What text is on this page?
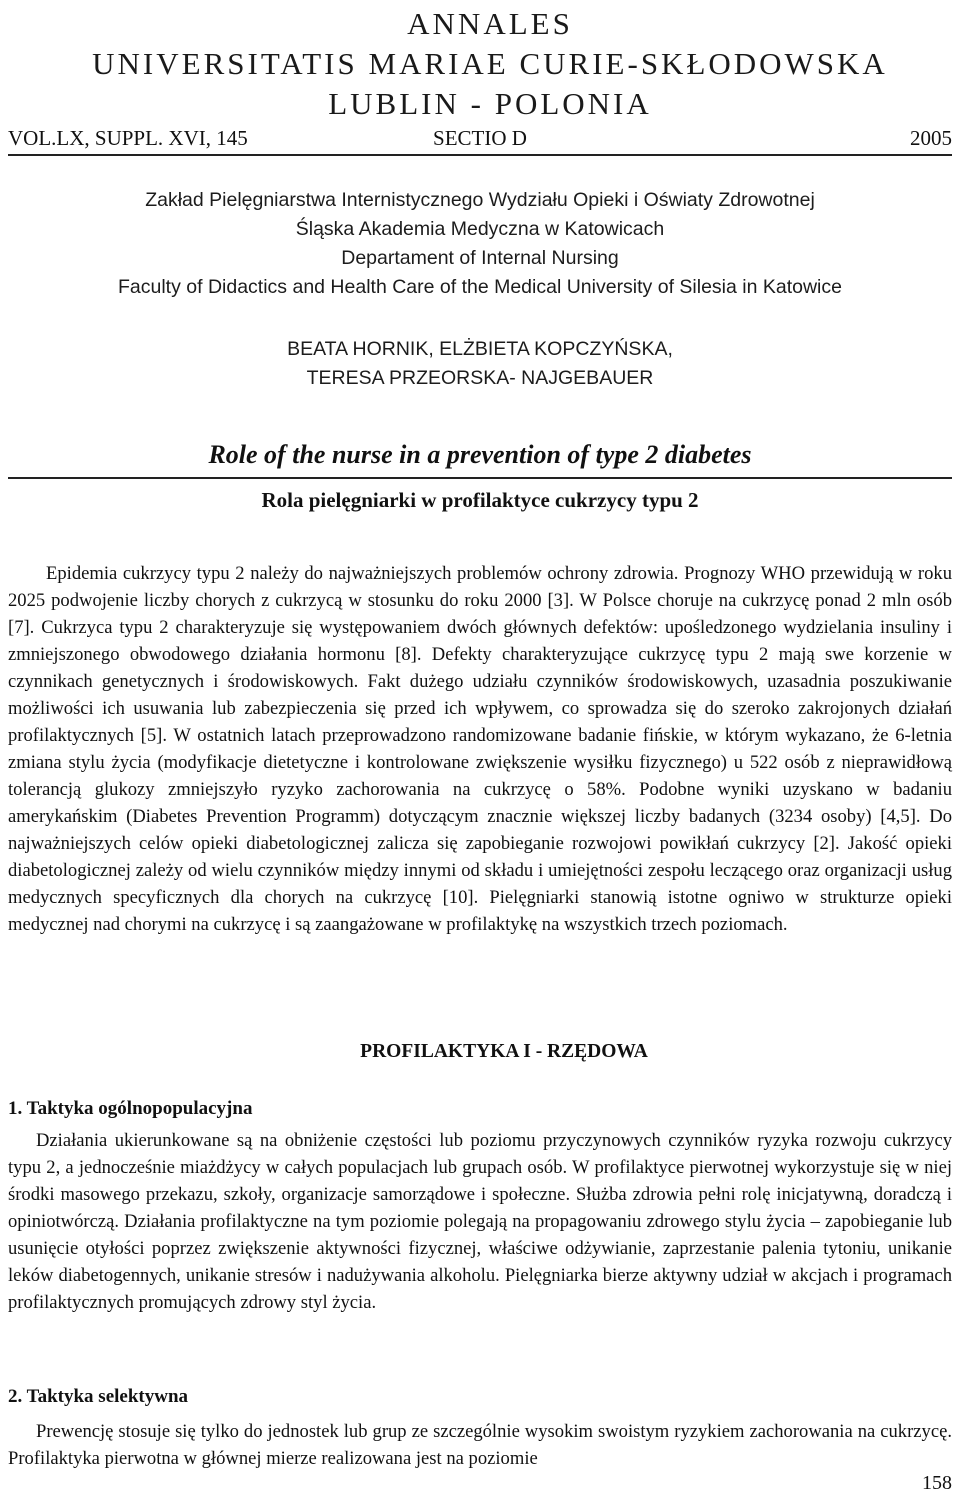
ANNALES
UNIVERSITATIS MARIAE CURIE-SKŁODOWSKA
LUBLIN - POLONIA
SECTIO D
VOL.LX, SUPPL. XVI, 145	2005
Zakład Pielęgniarstwa Internistycznego Wydziału Opieki i Oświaty Zdrowotnej
Śląska Akademia Medyczna w Katowicach
Departament of Internal Nursing
Faculty of Didactics and Health Care of the Medical University of Silesia in Katowice
BEATA HORNIK, ELŻBIETA KOPCZYŃSKA,
TERESA PRZEORSKA- NAJGEBAUER
Role of the nurse in a prevention of type 2 diabetes
Rola pielęgniarki w profilaktyce cukrzycy typu 2

Epidemia cukrzycy typu 2 należy do najważniejszych problemów ochrony zdrowia. Prognozy WHO przewidują w roku 2025 podwojenie liczby chorych z cukrzycą w stosunku do roku 2000 [3]. W Polsce choruje na cukrzycę ponad 2 mln osób [7]. Cukrzyca typu 2 charakteryzuje się występowaniem dwóch głównych defektów: upośledzonego wydzielania insuliny i zmniejszonego obwodowego działania hormonu [8]. Defekty charakteryzujące cukrzycę typu 2 mają swe korzenie w czynnikach genetycznych i środowiskowych. Fakt dużego udziału czynników środowiskowych, uzasadnia poszukiwanie możliwości ich usuwania lub zabezpieczenia się przed ich wpływem, co sprowadza się do szeroko zakrojonych działań profilaktycznych [5]. W ostatnich latach przeprowadzono randomizowane badanie fińskie, w którym wykazano, że 6-letnia zmiana stylu życia (modyfikacje dietetyczne i kontrolowane zwiększenie wysiłku fizycznego) u 522 osób z nieprawidłową tolerancją glukozy zmniejszyło ryzyko zachorowania na cukrzycę o 58%. Podobne wyniki uzyskano w badaniu amerykańskim (Diabetes Prevention Programm) dotyczącym znacznie większej liczby badanych (3234 osoby) [4,5]. Do najważniejszych celów opieki diabetologicznej zalicza się zapobieganie rozwojowi powikłań cukrzycy [2]. Jakość opieki diabetologicznej zależy od wielu czynników między innymi od składu i umiejętności zespołu leczącego oraz organizacji usług medycznych specyficznych dla chorych na cukrzycę [10]. Pielęgniarki stanowią istotne ogniwo w strukturze opieki medycznej nad chorymi na cukrzycę i są zaangażowane w profilaktykę na wszystkich trzech poziomach.

PROFILAKTYKA I - RZĘDOWA
1. Taktyka ogólnopopulacyjna

Działania ukierunkowane są na obniżenie częstości lub poziomu przyczynowych czynników ryzyka rozwoju cukrzycy typu 2, a jednocześnie miażdżycy w całych populacjach lub grupach osób. W profilaktyce pierwotnej wykorzystuje się w niej środki masowego przekazu, szkoły, organizacje samorządowe i społeczne. Służba zdrowia pełni rolę inicjatywną, doradczą i opiniotwórczą. Działania profilaktyczne na tym poziomie polegają na propagowaniu zdrowego stylu życia – zapobieganie lub usunięcie otyłości poprzez zwiększenie aktywności fizycznej, właściwe odżywianie, zaprzestanie palenia tytoniu, unikanie leków diabetogennych, unikanie stresów i nadużywania alkoholu. Pielęgniarka bierze aktywny udział w akcjach i programach profilaktycznych promujących zdrowy styl życia.

2. Taktyka selektywna

Prewencję stosuje się tylko do jednostek lub grup ze szczególnie wysokim swoistym ryzykiem zachorowania na cukrzycę. Profilaktyka pierwotna w głównej mierze realizowana jest na poziomie

158
